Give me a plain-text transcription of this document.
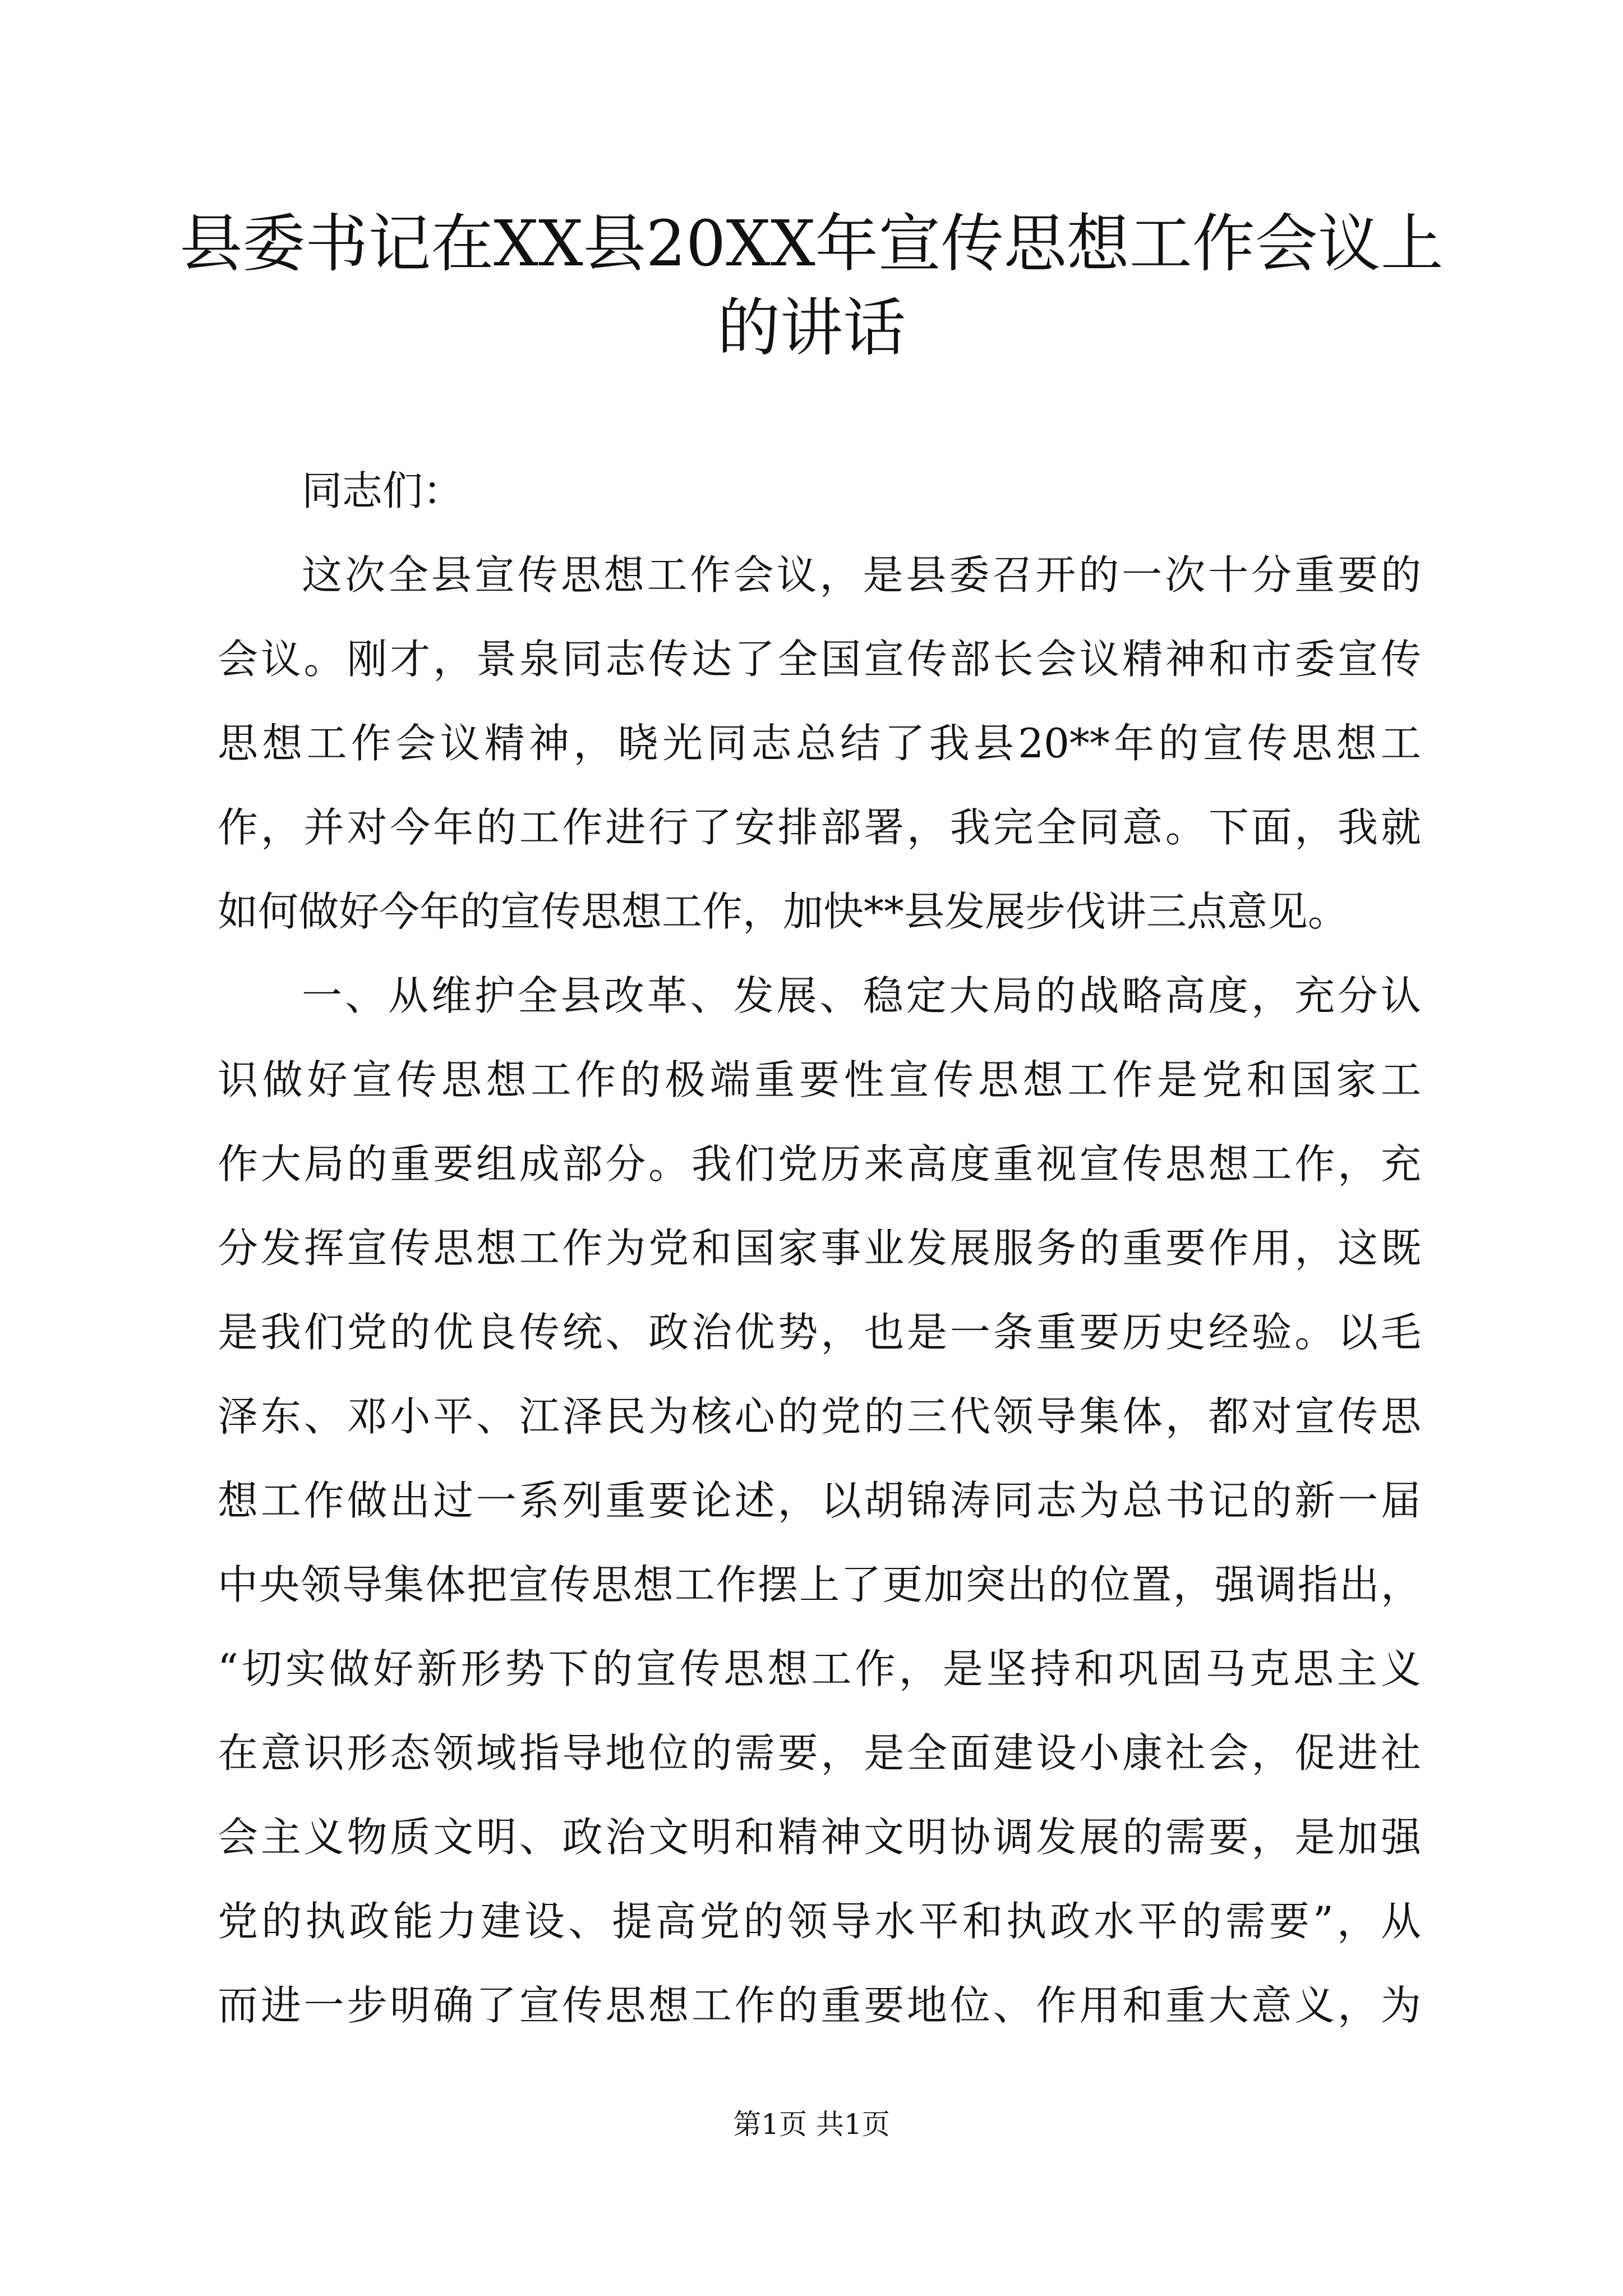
县委书记在XX县20XX年宣传思想工作会议上
的讲话
同志们：
这次全县宣传思想工作会议，是县委召开的一次十分重要的
会议。刚才，景泉同志传达了全国宣传部长会议精神和市委宣传
思想工作会议精神，晓光同志总结了我县20**年的宣传思想工
作，并对今年的工作进行了安排部署，我完全同意。下面，我就
如何做好今年的宣传思想工作，加快**县发展步伐讲三点意见。
一、从维护全县改革、发展、稳定大局的战略高度，充分认
识做好宣传思想工作的极端重要性宣传思想工作是党和国家工
作大局的重要组成部分。我们党历来高度重视宣传思想工作，充
分发挥宣传思想工作为党和国家事业发展服务的重要作用，这既
是我们党的优良传统、政治优势，也是一条重要历史经验。以毛
泽东、邓小平、江泽民为核心的党的三代领导集体，都对宣传思
想工作做出过一系列重要论述，以胡锦涛同志为总书记的新一届
中央领导集体把宣传思想工作摆上了更加突出的位置，强调指出，
“切实做好新形势下的宣传思想工作，是坚持和巩固马克思主义
在意识形态领域指导地位的需要，是全面建设小康社会，促进社
会主义物质文明、政治文明和精神文明协调发展的需要，是加强
党的执政能力建设、提高党的领导水平和执政水平的需要”，从
而进一步明确了宣传思想工作的重要地位、作用和重大意义，为
第1页 共1页
